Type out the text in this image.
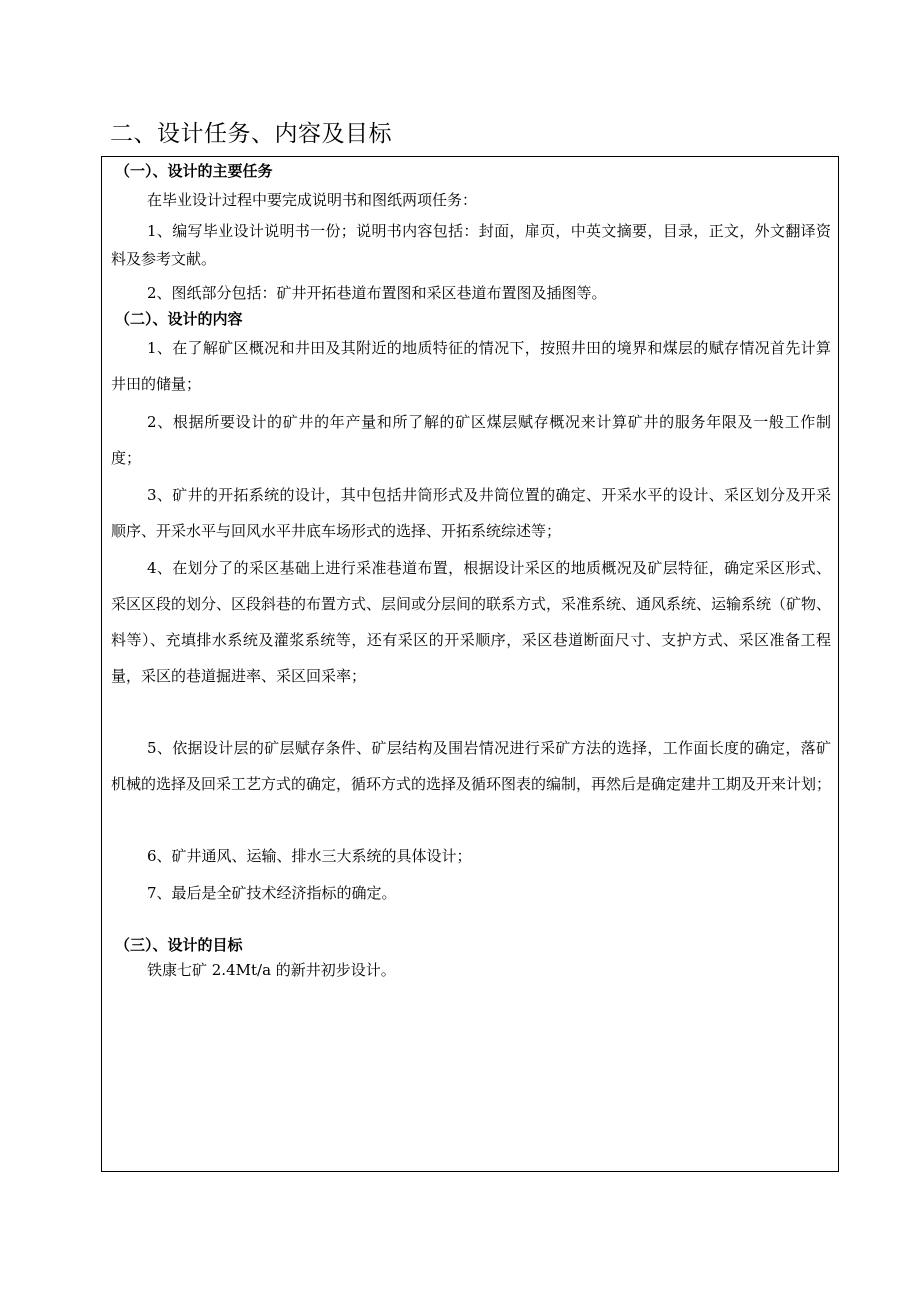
二、设计任务、内容及目标
（一）、设计的主要任务

在毕业设计过程中要完成说明书和图纸两项任务：

1、编写毕业设计说明书一份；说明书内容包括：封面，扉页，中英文摘要，目录，正文，外文翻译资料及参考文献。

2、图纸部分包括：矿井开拓巷道布置图和采区巷道布置图及插图等。

（二）、设计的内容

1、在了解矿区概况和井田及其附近的地质特征的情况下，按照井田的境界和煤层的赋存情况首先计算井田的储量；

2、根据所要设计的矿井的年产量和所了解的矿区煤层赋存概况来计算矿井的服务年限及一般工作制度；

3、矿井的开拓系统的设计，其中包括井筒形式及井筒位置的确定、开采水平的设计、采区划分及开采顺序、开采水平与回风水平井底车场形式的选择、开拓系统综述等；

4、在划分了的采区基础上进行采准巷道布置，根据设计采区的地质概况及矿层特征，确定采区形式、采区区段的划分、区段斜巷的布置方式、层间或分层间的联系方式，采准系统、通风系统、运输系统（矿物、料等）、充填排水系统及灌浆系统等，还有采区的开采顺序，采区巷道断面尺寸、支护方式、采区准备工程量，采区的巷道掘进率、采区回采率；

5、依据设计层的矿层赋存条件、矿层结构及围岩情况进行采矿方法的选择，工作面长度的确定，落矿机械的选择及回采工艺方式的确定，循环方式的选择及循环图表的编制，再然后是确定建井工期及开来计划；

6、矿井通风、运输、排水三大系统的具体设计；

7、最后是全矿技术经济指标的确定。

（三）、设计的目标

铁康七矿 2.4Mt/a 的新井初步设计。
